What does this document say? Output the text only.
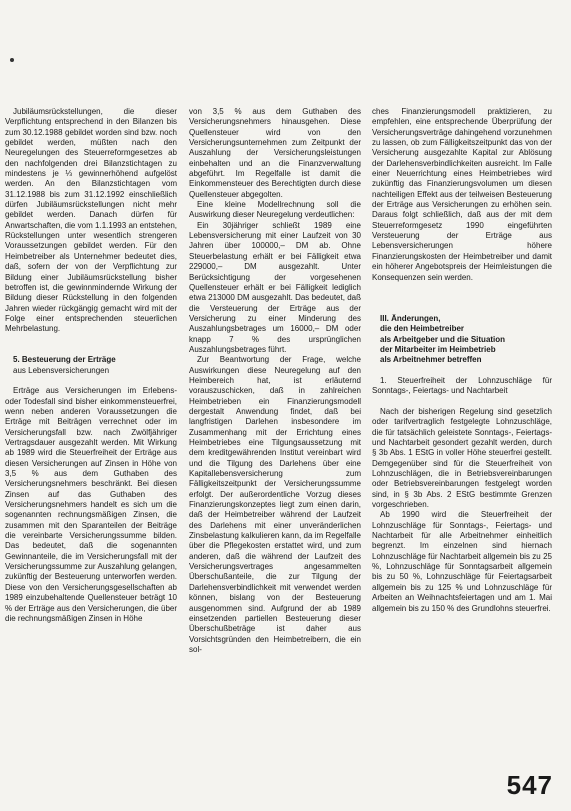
Jubiläumsrückstellungen, die dieser Verpflichtung entsprechend in den Bilanzen bis zum 30.12.1988 gebildet worden sind bzw. noch gebildet werden, müßten nach den Neuregelungen des Steuerreformgesetzes ab den nachfolgenden drei Bilanzstichtagen zu mindestens je ⅓ gewinnerhöhend aufgelöst werden. An den Bilanzstichtagen vom 31.12.1988 bis zum 31.12.1992 einschließlich dürfen Jubiläumsrückstellungen nicht mehr gebildet werden. Danach dürfen für Anwartschaften, die vom 1.1.1993 an entstehen, Rückstellungen unter wesentlich strengeren Voraussetzungen gebildet werden. Für den Heimbetreiber als Unternehmer bedeutet dies, daß, sofern der von der Verpflichtung zur Bildung einer Jubiläumsrückstellung bisher betroffen ist, die gewinnmindernde Wirkung der Bildung dieser Rückstellung in den folgenden Jahren wieder rückgängig gemacht wird mit der Folge einer entsprechenden steuerlichen Mehrbelastung.

5. Besteuerung der Erträge

aus Lebensversicherungen

Erträge aus Versicherungen im Erlebens- oder Todesfall sind bisher einkommensteuerfrei, wenn neben anderen Voraussetzungen die Erträge mit Beiträgen verrechnet oder im Versicherungsfall bzw. nach Zwölfjähriger Vertragsdauer ausgezahlt werden. Mit Wirkung ab 1989 wird die Steuerfreiheit der Erträge aus diesen Versicherungen auf Zinsen in Höhe von 3,5 % aus dem Guthaben des Versicherungsnehmers beschränkt. Bei diesen Zinsen auf das Guthaben des Versicherungsnehmers handelt es sich um die sogenannten rechnungsmäßigen Zinsen, die zusammen mit den Sparanteilen der Beiträge die vereinbarte Versicherungssumme bilden. Das bedeutet, daß die sogenannten Gewinnanteile, die im Versicherungsfall mit der Versicherungssumme zur Auszahlung gelangen, zukünftig der Besteuerung unterworfen werden. Diese von den Versicherungsgesellschaften ab 1989 einzubehaltende Quellensteuer beträgt 10 % der Erträge aus den Versicherungen, die über die rechnungsmäßigen Zinsen in Höhe

von 3,5 % aus dem Guthaben des Versicherungsnehmers hinausgehen. Diese Quellensteuer wird von den Versicherungsunternehmen zum Zeitpunkt der Auszahlung der Versicherungsleistungen einbehalten und an die Finanzverwaltung abgeführt. Im Regelfalle ist damit die Einkommensteuer des Berechtigten durch diese Quellensteuer abgegolten.

Eine kleine Modellrechnung soll die Auswirkung dieser Neuregelung verdeutlichen:

Ein 30jähriger schließt 1989 eine Lebensversicherung mit einer Laufzeit von 30 Jahren über 100000,– DM ab. Ohne Steuerbelastung erhält er bei Fälligkeit etwa 229000,– DM ausgezahlt. Unter Berücksichtigung der vorgesehenen Quellensteuer erhält er bei Fälligkeit lediglich etwa 213000 DM ausgezahlt. Das bedeutet, daß die Versteuerung der Erträge aus der Versicherung zu einer Minderung des Auszahlungsbetrages um 16000,– DM oder knapp 7 % des ursprünglichen Auszahlungsbetrages führt.

Zur Beantwortung der Frage, welche Auswirkungen diese Neuregelung auf den Heimbereich hat, ist erläuternd vorauszuschicken, daß in zahlreichen Heimbetrieben ein Finanzierungsmodell dergestalt Anwendung findet, daß bei langfristigen Darlehen insbesondere im Zusammenhang mit der Errichtung eines Heimbetriebes eine Tilgungsaussetzung mit dem kreditgewährenden Institut vereinbart wird und die Tilgung des Darlehens über eine Kapitallebensversicherung zum Fälligkeitszeitpunkt der Versicherungssumme erfolgt. Der außerordentliche Vorzug dieses Finanzierungskonzeptes liegt zum einen darin, daß der Heimbetreiber während der Laufzeit des Darlehens mit einer unveränderlichen Zinsbelastung kalkulieren kann, da im Regelfalle über die Pflegekosten erstattet wird, und zum anderen, daß die während der Laufzeit des Versicherungsvertrages angesammelten Überschußanteile, die zur Tilgung der Darlehensverbindlichkeit mit verwendet werden können, bislang von der Besteuerung ausgenommen sind. Aufgrund der ab 1989 einsetzenden partiellen Besteuerung dieser Überschußbeträge ist daher aus Vorsichtsgründen den Heimbetreibern, die ein sol-

ches Finanzierungsmodell praktizieren, zu empfehlen, eine entsprechende Überprüfung der Versicherungsverträge dahingehend vorzunehmen zu lassen, ob zum Fälligkeitszeitpunkt das von der Versicherung ausgezahlte Kapital zur Ablösung der Darlehensverbindlichkeiten ausreicht. Im Falle einer Neuerrichtung eines Heimbetriebes wird zukünftig das Finanzierungsvolumen um diesen nachteiligen Effekt aus der teilweisen Besteuerung der Erträge aus Versicherungen zu erhöhen sein. Daraus folgt schließlich, daß aus der mit dem Steuerreformgesetz 1990 eingeführten Versteuerung der Erträge aus Lebensversicherungen höhere Finanzierungskosten der Heimbetreiber und damit ein höherer Angebotspreis der Heimleistungen die Konsequenzen sein werden.

III. Änderungen,

die den Heimbetreiber

als Arbeitgeber und die Situation

der Mitarbeiter im Heimbetrieb

als Arbeitnehmer betreffen

1. Steuerfreiheit der Lohnzuschläge für Sonntags-, Feiertags- und Nachtarbeit

Nach der bisherigen Regelung sind gesetzlich oder tarifvertraglich festgelegte Lohnzuschläge, die für tatsächlich geleistete Sonntags-, Feiertags- und Nachtarbeit gesondert gezahlt werden, durch § 3b Abs. 1 EStG in voller Höhe steuerfrei gestellt. Demgegenüber sind für die Steuerfreiheit von Lohnzuschlägen, die in Betriebsvereinbarungen oder Betriebsvereinbarungen festgelegt worden sind, in § 3b Abs. 2 EStG bestimmte Grenzen vorgeschrieben.

Ab 1990 wird die Steuerfreiheit der Lohnzuschläge für Sonntags-, Feiertags- und Nachtarbeit für alle Arbeitnehmer einheitlich begrenzt. Im einzelnen sind hiernach Lohnzuschläge für Nachtarbeit allgemein bis zu 25 %, Lohnzuschläge für Sonntagsarbeit allgemein bis zu 50 %, Lohnzuschläge für Feiertagsarbeit allgemein bis zu 125 % und Lohnzuschläge für Arbeiten an Weihnachtsfeiertagen und am 1. Mai allgemein bis zu 150 % des Grundlohns steuerfrei.

547
